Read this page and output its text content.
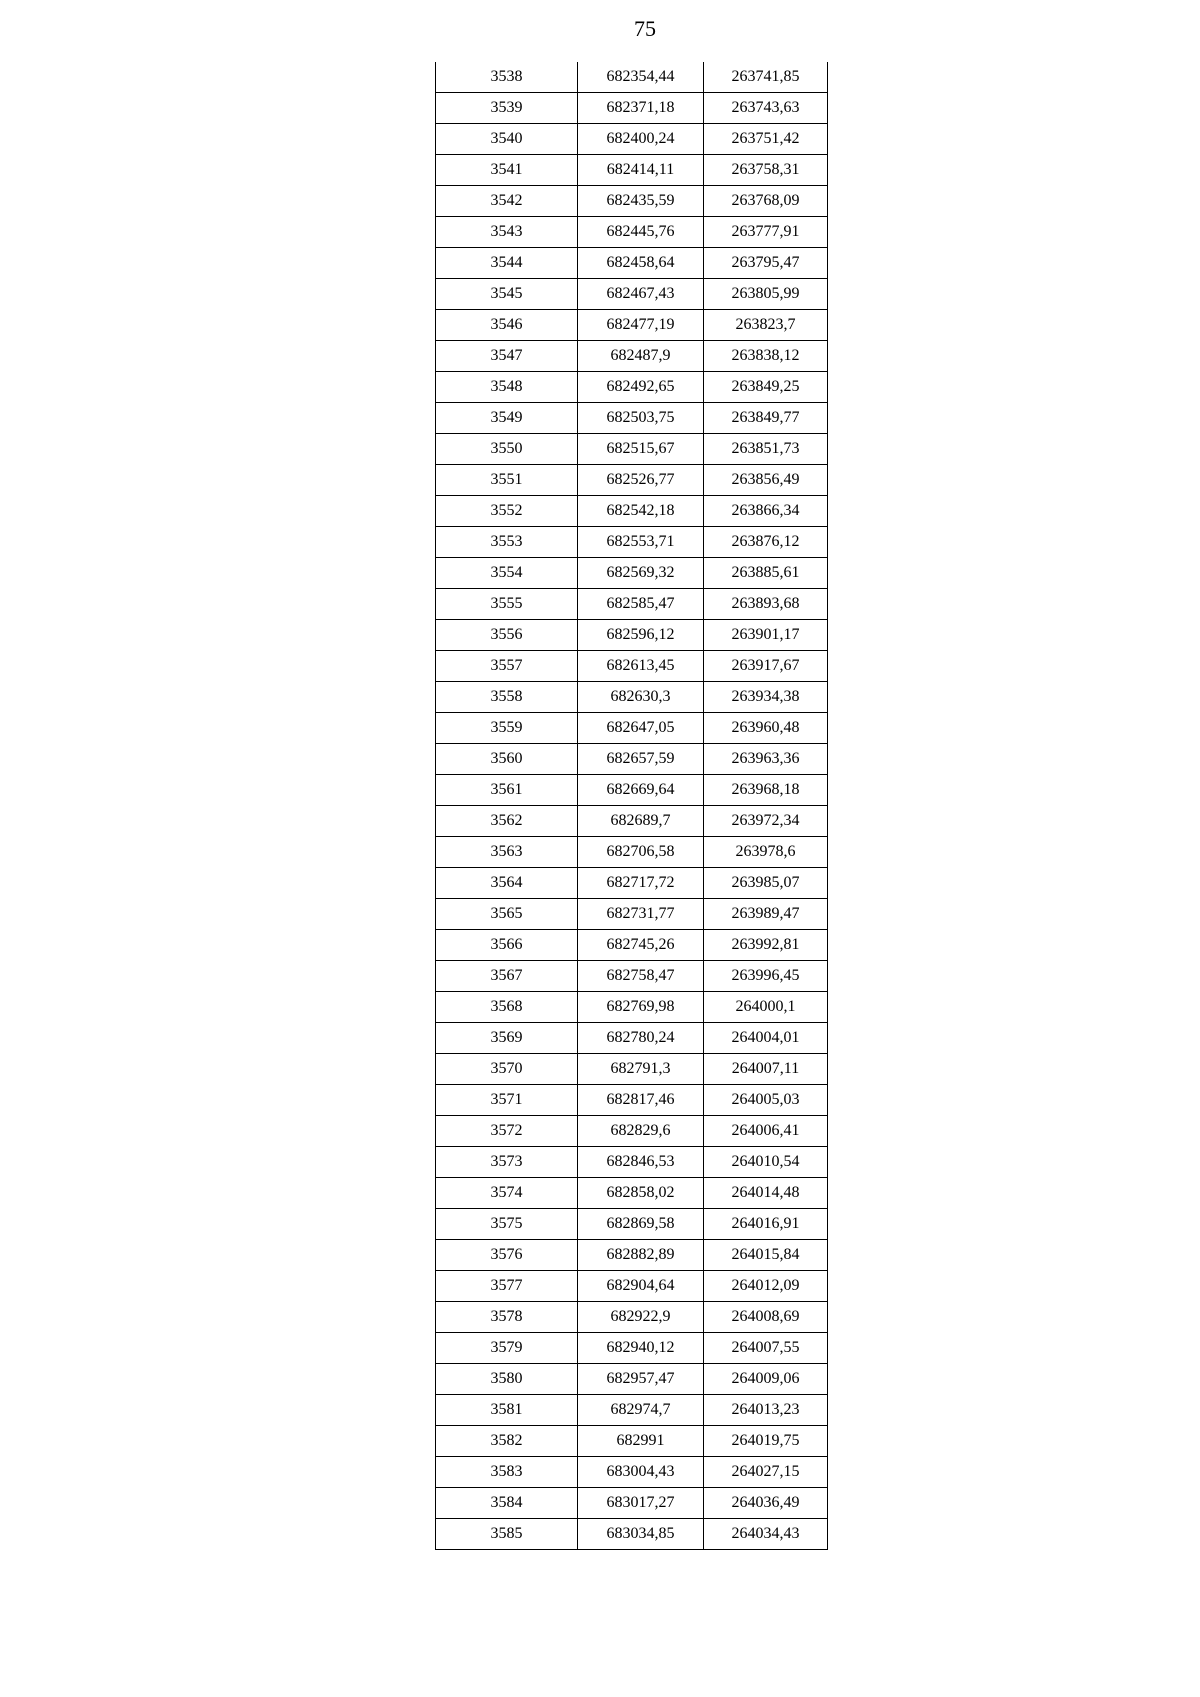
75
3538	682354,44	263741,85
3539	682371,18	263743,63
3540	682400,24	263751,42
3541	682414,11	263758,31
3542	682435,59	263768,09
3543	682445,76	263777,91
3544	682458,64	263795,47
3545	682467,43	263805,99
3546	682477,19	263823,7
3547	682487,9	263838,12
3548	682492,65	263849,25
3549	682503,75	263849,77
3550	682515,67	263851,73
3551	682526,77	263856,49
3552	682542,18	263866,34
3553	682553,71	263876,12
3554	682569,32	263885,61
3555	682585,47	263893,68
3556	682596,12	263901,17
3557	682613,45	263917,67
3558	682630,3	263934,38
3559	682647,05	263960,48
3560	682657,59	263963,36
3561	682669,64	263968,18
3562	682689,7	263972,34
3563	682706,58	263978,6
3564	682717,72	263985,07
3565	682731,77	263989,47
3566	682745,26	263992,81
3567	682758,47	263996,45
3568	682769,98	264000,1
3569	682780,24	264004,01
3570	682791,3	264007,11
3571	682817,46	264005,03
3572	682829,6	264006,41
3573	682846,53	264010,54
3574	682858,02	264014,48
3575	682869,58	264016,91
3576	682882,89	264015,84
3577	682904,64	264012,09
3578	682922,9	264008,69
3579	682940,12	264007,55
3580	682957,47	264009,06
3581	682974,7	264013,23
3582	682991	264019,75
3583	683004,43	264027,15
3584	683017,27	264036,49
3585	683034,85	264034,43
